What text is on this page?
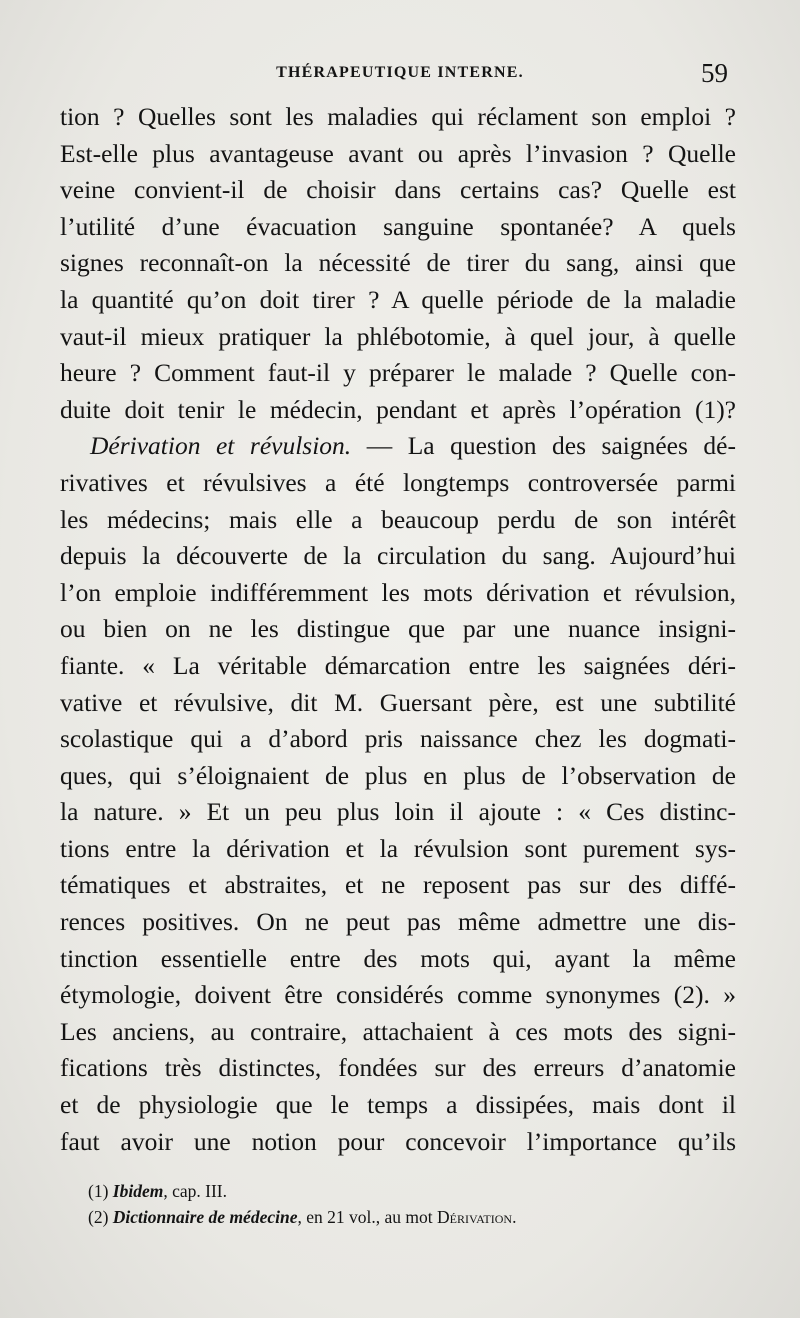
THÉRAPEUTIQUE INTERNE.	59
tion ? Quelles sont les maladies qui réclament son emploi ?
Est-elle plus avantageuse avant ou après l’invasion ? Quelle
veine convient-il de choisir dans certains cas? Quelle est
l’utilité d’une évacuation sanguine spontanée? A quels
signes reconnaît-on la nécessité de tirer du sang, ainsi que
la quantité qu’on doit tirer ? A quelle période de la maladie
vaut-il mieux pratiquer la phlébotomie, à quel jour, à quelle
heure ? Comment faut-il y préparer le malade ? Quelle con-
duite doit tenir le médecin, pendant et après l’opération (1)?
Dérivation et révulsion. — La question des saignées dé-
rivatives et révulsives a été longtemps controversée parmi
les médecins; mais elle a beaucoup perdu de son intérêt
depuis la découverte de la circulation du sang. Aujourd’hui
l’on emploie indifféremment les mots dérivation et révulsion,
ou bien on ne les distingue que par une nuance insigni-
fiante. « La véritable démarcation entre les saignées déri-
vative et révulsive, dit M. Guersant père, est une subtilité
scolastique qui a d’abord pris naissance chez les dogmati-
ques, qui s’éloignaient de plus en plus de l’observation de
la nature. » Et un peu plus loin il ajoute : « Ces distinc-
tions entre la dérivation et la révulsion sont purement sys-
tématiques et abstraites, et ne reposent pas sur des diffé-
rences positives. On ne peut pas même admettre une dis-
tinction essentielle entre des mots qui, ayant la même
étymologie, doivent être considérés comme synonymes (2). »
Les anciens, au contraire, attachaient à ces mots des signi-
fications très distinctes, fondées sur des erreurs d’anatomie
et de physiologie que le temps a dissipées, mais dont il
faut avoir une notion pour concevoir l’importance qu’ils
(1) Ibidem, cap. III.
(2) Dictionnaire de médecine, en 21 vol., au mot Dérivation.
